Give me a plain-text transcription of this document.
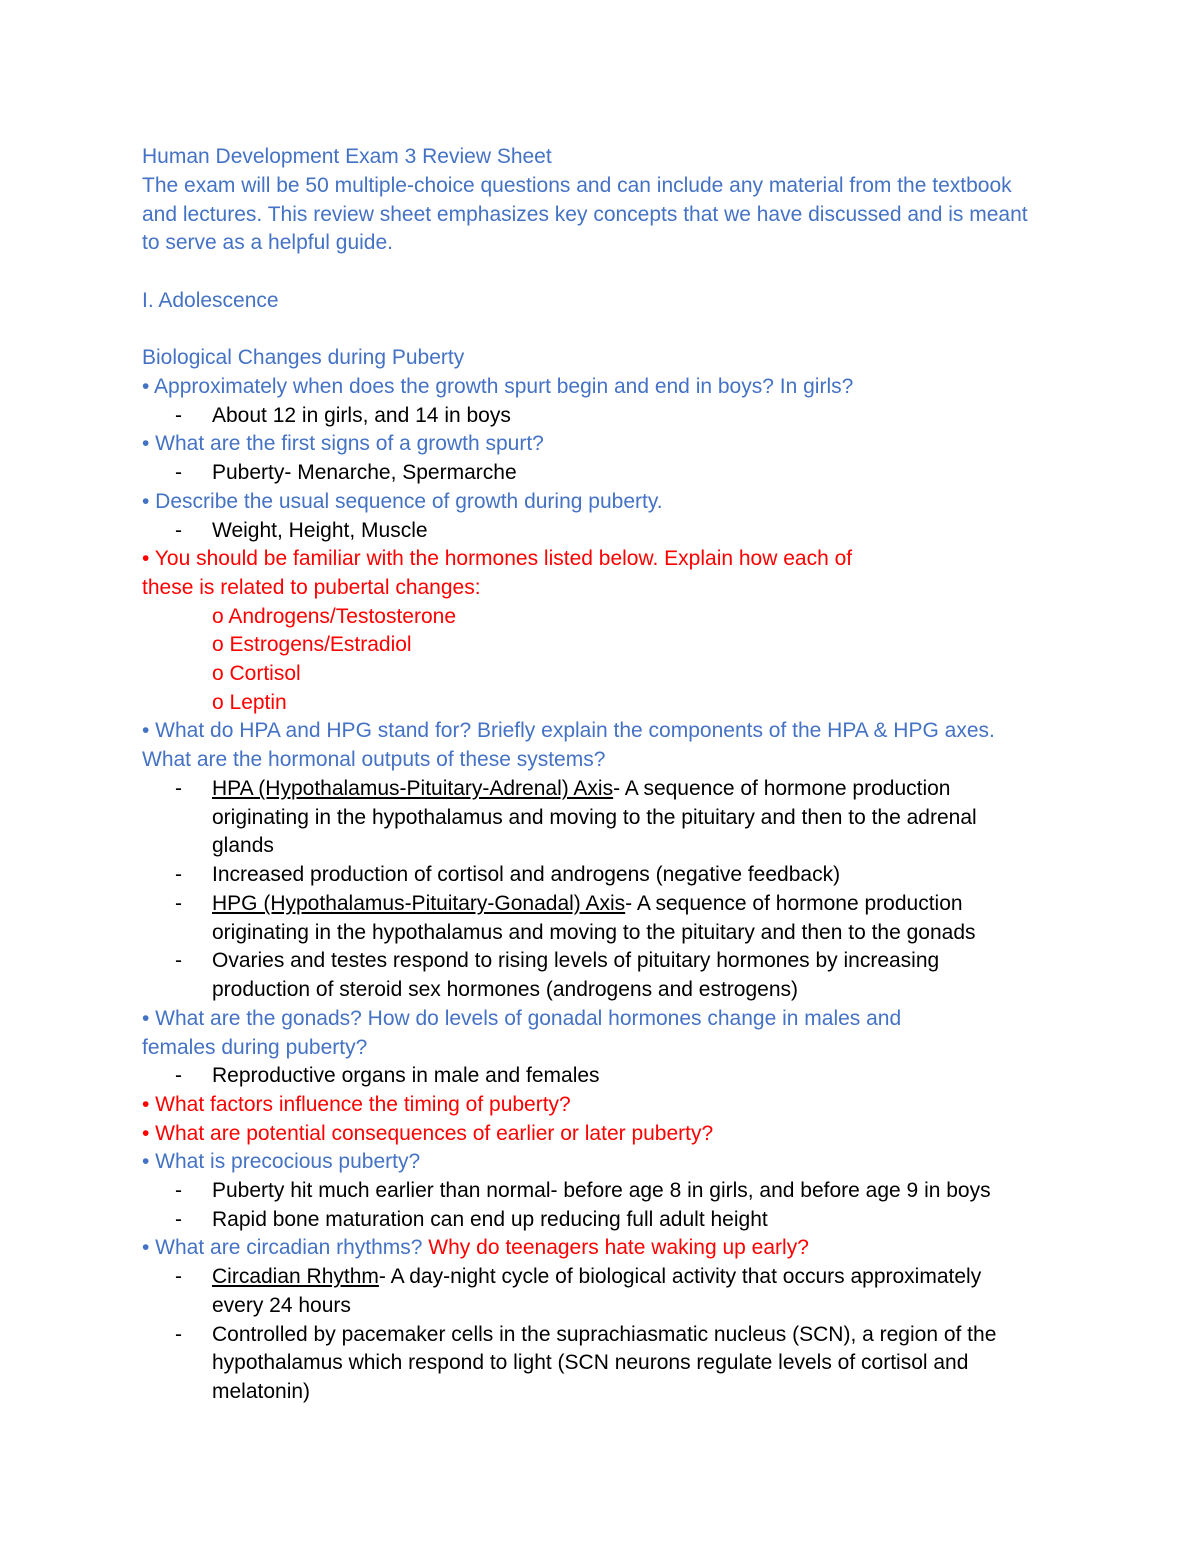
Human Development Exam 3 Review Sheet
The exam will be 50 multiple-choice questions and can include any material from the textbook
and lectures. This review sheet emphasizes key concepts that we have discussed and is meant
to serve as a helpful guide.
I. Adolescence
Biological Changes during Puberty
• Approximately when does the growth spurt begin and end in boys? In girls?
- About 12 in girls, and 14 in boys
• What are the first signs of a growth spurt?
- Puberty- Menarche, Spermarche
• Describe the usual sequence of growth during puberty.
- Weight, Height, Muscle
• You should be familiar with the hormones listed below. Explain how each of
these is related to pubertal changes:
o Androgens/Testosterone
o Estrogens/Estradiol
o Cortisol
o Leptin
• What do HPA and HPG stand for? Briefly explain the components of the HPA & HPG axes.
What are the hormonal outputs of these systems?
- HPA (Hypothalamus-Pituitary-Adrenal) Axis- A sequence of hormone production
originating in the hypothalamus and moving to the pituitary and then to the adrenal
glands
- Increased production of cortisol and androgens (negative feedback)
- HPG (Hypothalamus-Pituitary-Gonadal) Axis- A sequence of hormone production
originating in the hypothalamus and moving to the pituitary and then to the gonads
- Ovaries and testes respond to rising levels of pituitary hormones by increasing
production of steroid sex hormones (androgens and estrogens)
• What are the gonads? How do levels of gonadal hormones change in males and
females during puberty?
- Reproductive organs in male and females
• What factors influence the timing of puberty?
• What are potential consequences of earlier or later puberty?
• What is precocious puberty?
- Puberty hit much earlier than normal- before age 8 in girls, and before age 9 in boys
- Rapid bone maturation can end up reducing full adult height
• What are circadian rhythms? Why do teenagers hate waking up early?
- Circadian Rhythm- A day-night cycle of biological activity that occurs approximately
every 24 hours
- Controlled by pacemaker cells in the suprachiasmatic nucleus (SCN), a region of the
hypothalamus which respond to light (SCN neurons regulate levels of cortisol and
melatonin)
